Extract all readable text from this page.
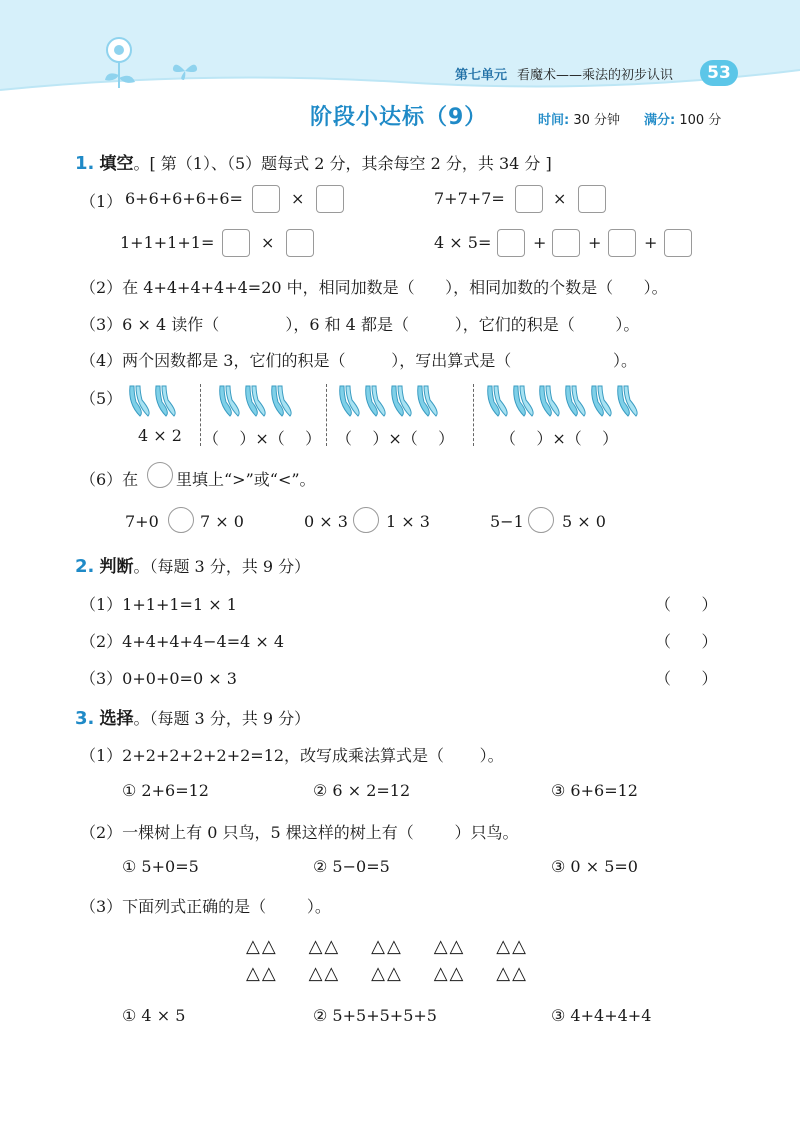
第七单元 看魔术——乘法的初步认识	53
阶段小达标（9）	时间: 30 分钟 满分: 100 分
1. 填空。[ 第（1）、（5）题每式 2 分，其余每空 2 分，共 34 分 ]
（1） 6+6+6+6+6=	×	7+7+7=	×
1+1+1+1=	×	4 × 5=	+	+	+
（2）在 4+4+4+4+4=20 中，相同加数是（      ），相同加数的个数是（      ）。
（3）6 × 4 读作（             ），6 和 4 都是（         ），它们的积是（        ）。
（4）两个因数都是 3，它们的积是（         ），写出算式是（                    ）。
（5）
4 × 2 （    ）×（    ） （    ）×（    ）	（    ）×（    ）
（6）在 里填上“>”或“<”。
7+0	7 × 0	0 × 3 1 × 3	5−1 5 × 0
2. 判断。（每题 3 分，共 9 分）
（1）1+1+1=1 × 1	（      ）
（2）4+4+4+4−4=4 × 4	（      ）
（3）0+0+0=0 × 3	（      ）
3. 选择。（每题 3 分，共 9 分）
（1）2+2+2+2+2+2=12，改写成乘法算式是（       ）。
① 2+6=12	② 6 × 2=12	③ 6+6=12
（2）一棵树上有 0 只鸟，5 棵这样的树上有（        ）只鸟。
① 5+0=5	② 5−0=5	③ 0 × 5=0
（3）下面列式正确的是（        ）。
△△    △△    △△    △△    △△
△△    △△    △△    △△    △△
① 4 × 5	② 5+5+5+5+5	③ 4+4+4+4
